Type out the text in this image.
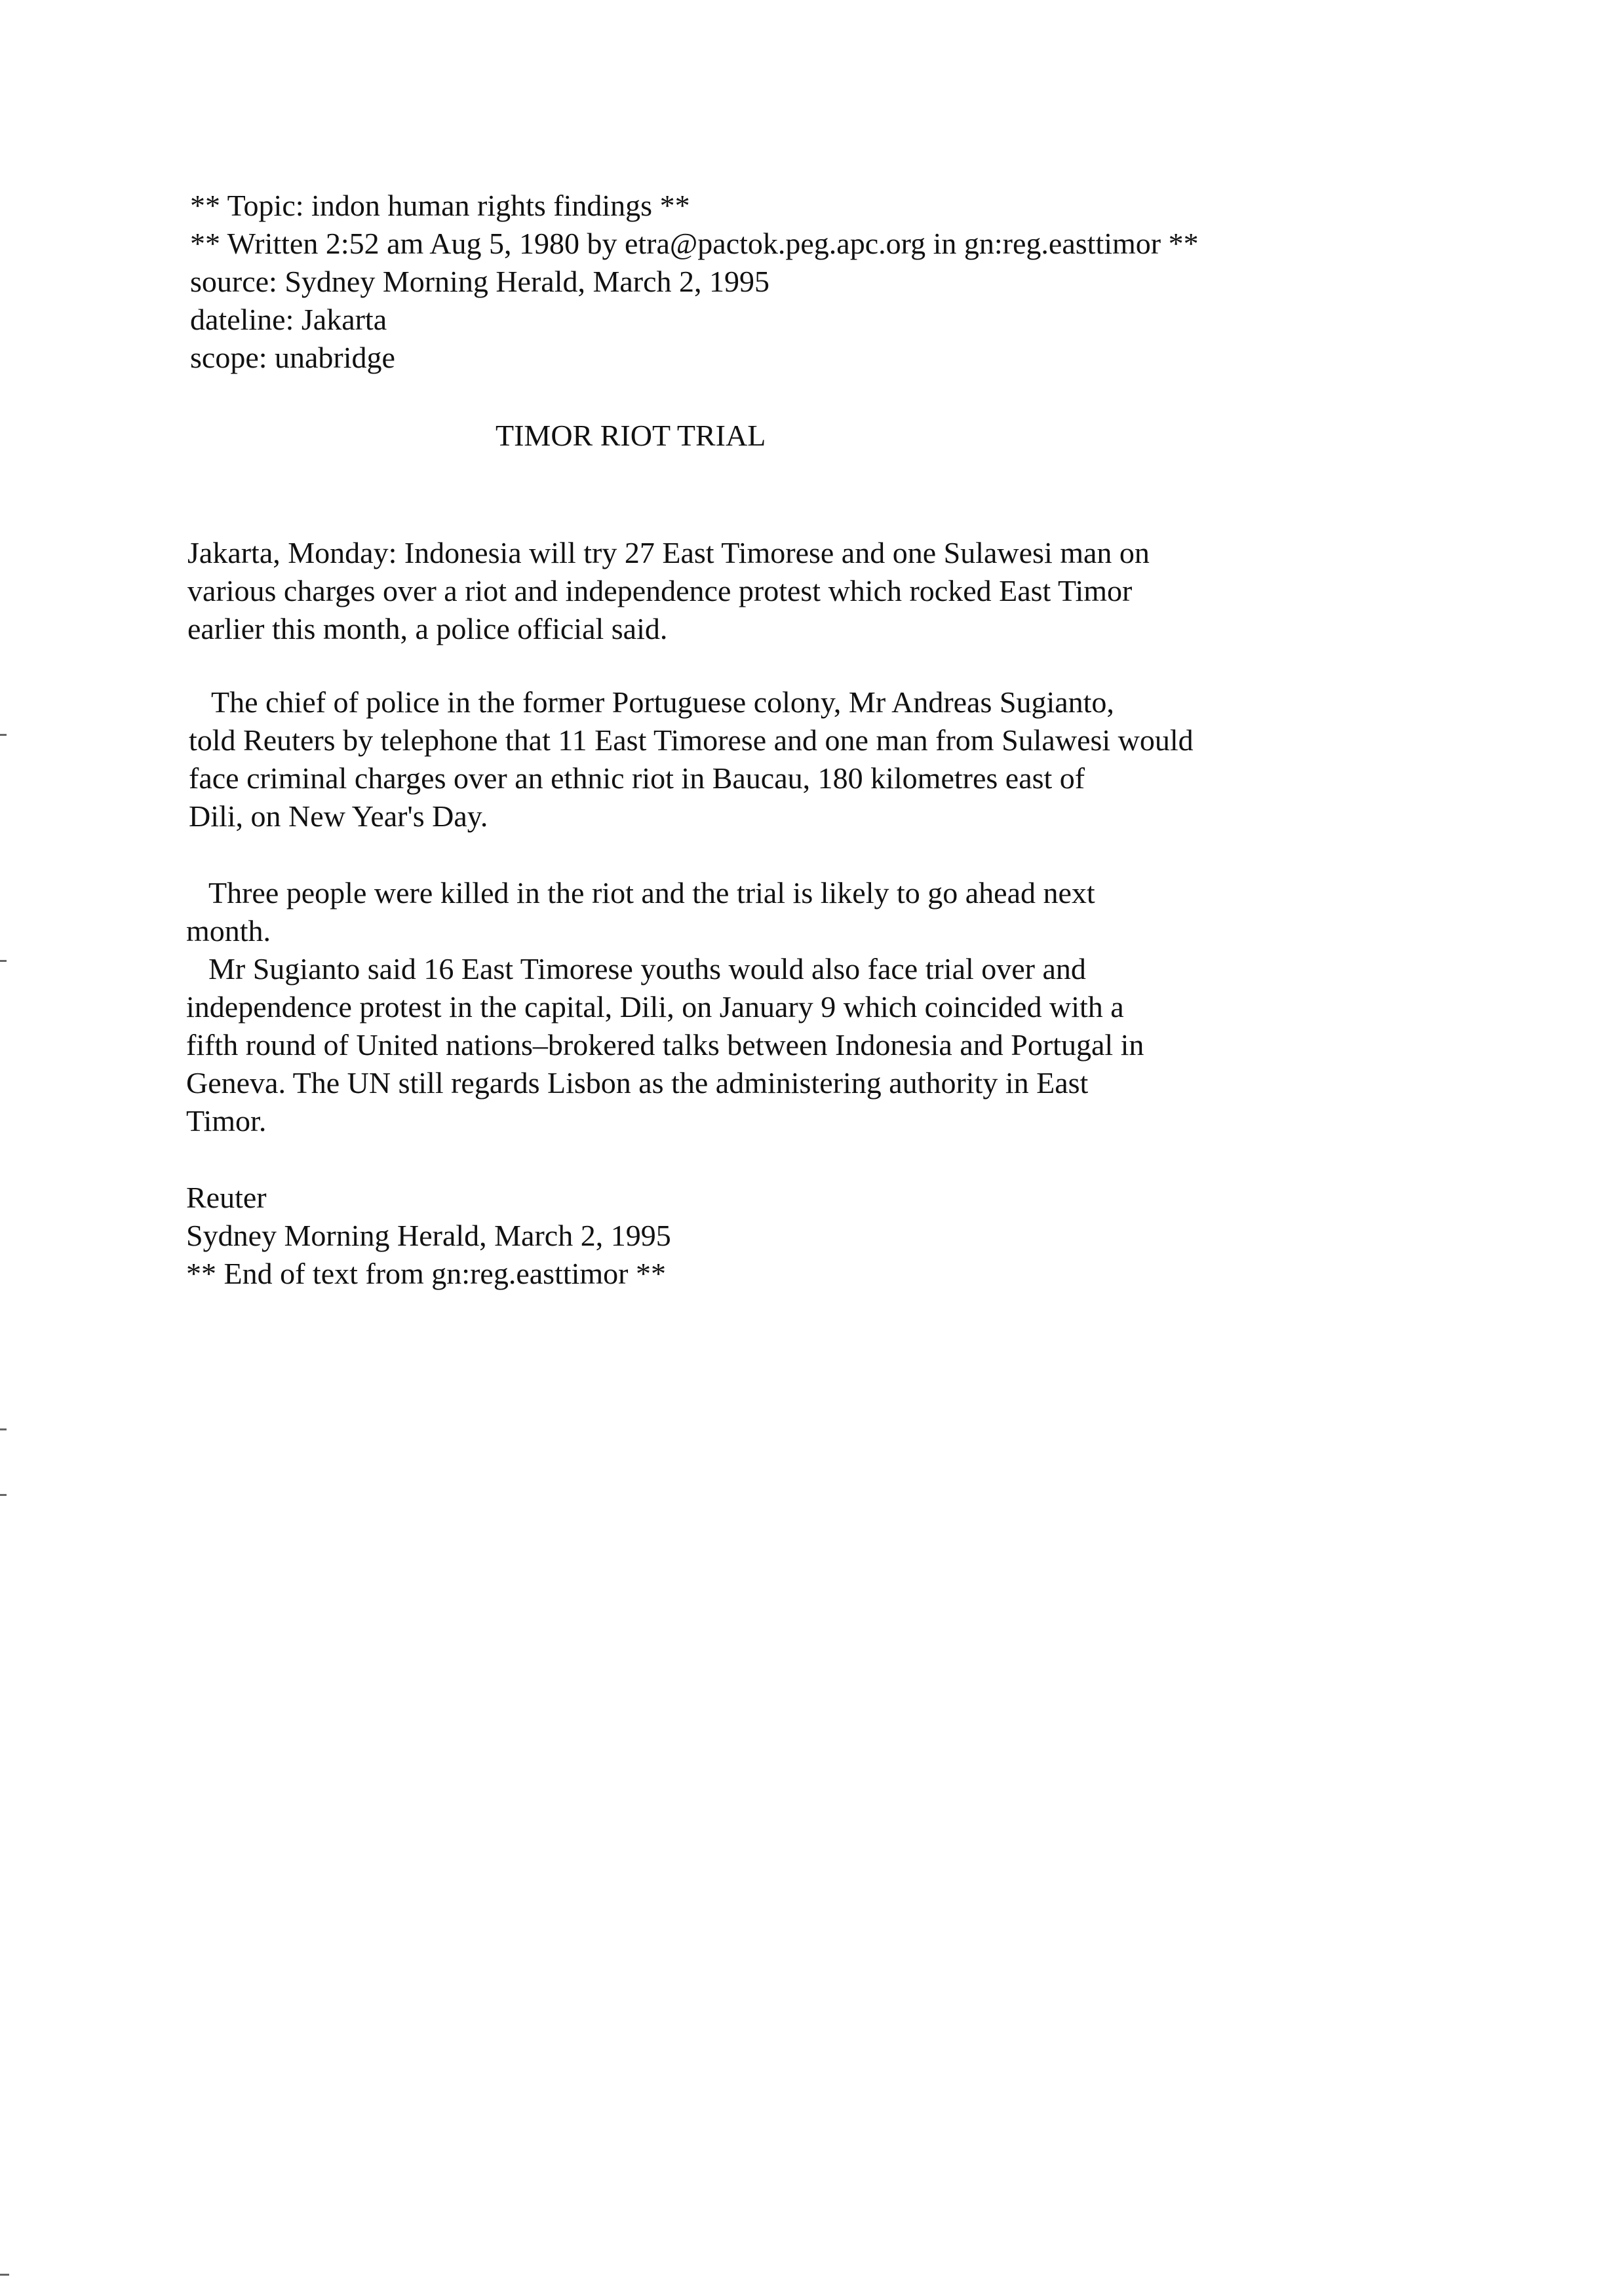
** Topic: indon human rights findings **
** Written 2:52 am Aug 5, 1980 by etra@pactok.peg.apc.org in gn:reg.easttimor **
source: Sydney Morning Herald, March 2, 1995
dateline: Jakarta
scope: unabridge
TIMOR RIOT TRIAL
Jakarta, Monday: Indonesia will try 27 East Timorese and one Sulawesi man on
various charges over a riot and independence protest which rocked East Timor
earlier this month, a police official said.
The chief of police in the former Portuguese colony, Mr Andreas Sugianto,
told Reuters by telephone that 11 East Timorese and one man from Sulawesi would
face criminal charges over an ethnic riot in Baucau, 180 kilometres east of
Dili, on New Year's Day.
Three people were killed in the riot and the trial is likely to go ahead next
month.
Mr Sugianto said 16 East Timorese youths would also face trial over and
independence protest in the capital, Dili, on January 9 which coincided with a
fifth round of United nations–brokered talks between Indonesia and Portugal in
Geneva. The UN still regards Lisbon as the administering authority in East
Timor.
Reuter
Sydney Morning Herald, March 2, 1995
** End of text from gn:reg.easttimor **
